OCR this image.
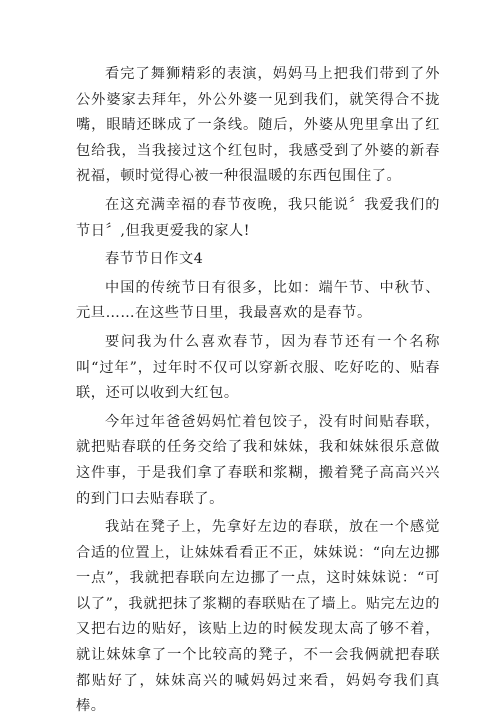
看完了舞狮精彩的表演，妈妈马上把我们带到了外公外婆家去拜年，外公外婆一见到我们，就笑得合不拢嘴，眼睛还眯成了一条线。随后，外婆从兜里拿出了红包给我，当我接过这个红包时，我感受到了外婆的新春祝福，顿时觉得心被一种很温暖的东西包围住了。

在这充满幸福的春节夜晚，我只能说〞我爱我们的节日〞,但我更爱我的家人!

春节节日作文4

中国的传统节日有很多，比如：端午节、中秋节、元旦……在这些节日里，我最喜欢的是春节。

要问我为什么喜欢春节，因为春节还有一个名称叫“过年”，过年时不仅可以穿新衣服、吃好吃的、贴春联，还可以收到大红包。

今年过年爸爸妈妈忙着包饺子，没有时间贴春联，就把贴春联的任务交给了我和妹妹，我和妹妹很乐意做这件事，于是我们拿了春联和浆糊，搬着凳子高高兴兴的到门口去贴春联了。

我站在凳子上，先拿好左边的春联，放在一个感觉合适的位置上，让妹妹看看正不正，妹妹说：“向左边挪一点”，我就把春联向左边挪了一点，这时妹妹说：“可以了”，我就把抹了浆糊的春联贴在了墙上。贴完左边的又把右边的贴好，该贴上边的时候发现太高了够不着，就让妹妹拿了一个比较高的凳子，不一会我俩就把春联都贴好了，妹妹高兴的喊妈妈过来看，妈妈夸我们真棒。
